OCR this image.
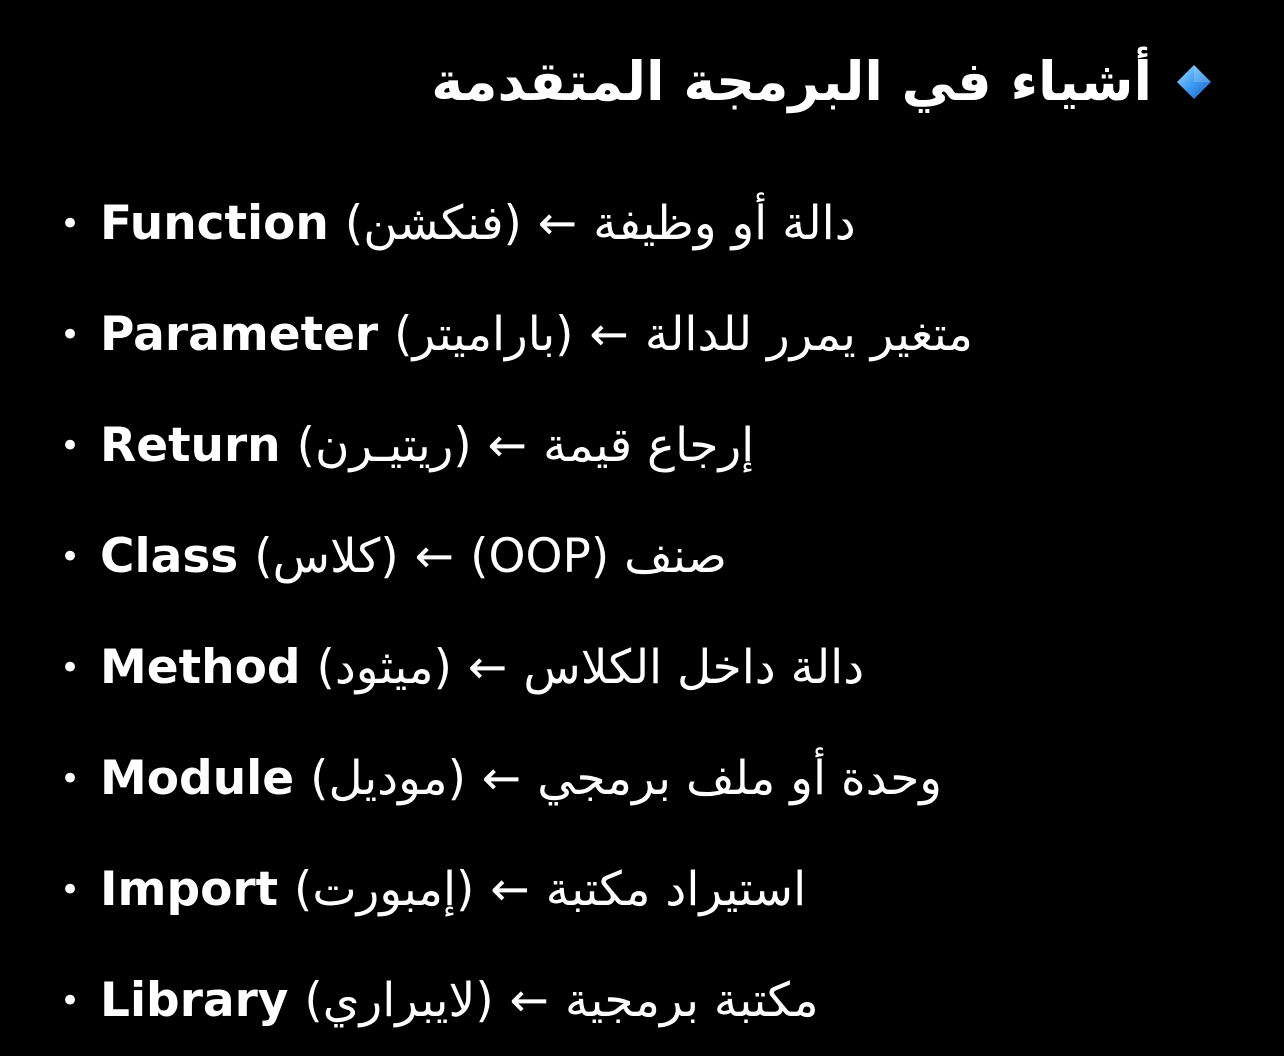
أشياء في البرمجة المتقدمة
• Function (فنكشن) ← دالة أو وظيفة
• Parameter (باراميتر) ← متغير يمرر للدالة
• Return (ريتيـرن) ← إرجاع قيمة
• Class (كلاس) ← صنف (OOP)
• Method (ميثود) ← دالة داخل الكلاس
• Module (موديل) ← وحدة أو ملف برمجي
• Import (إمبورت) ← استيراد مكتبة
• Library (لايبراري) ← مكتبة برمجية
